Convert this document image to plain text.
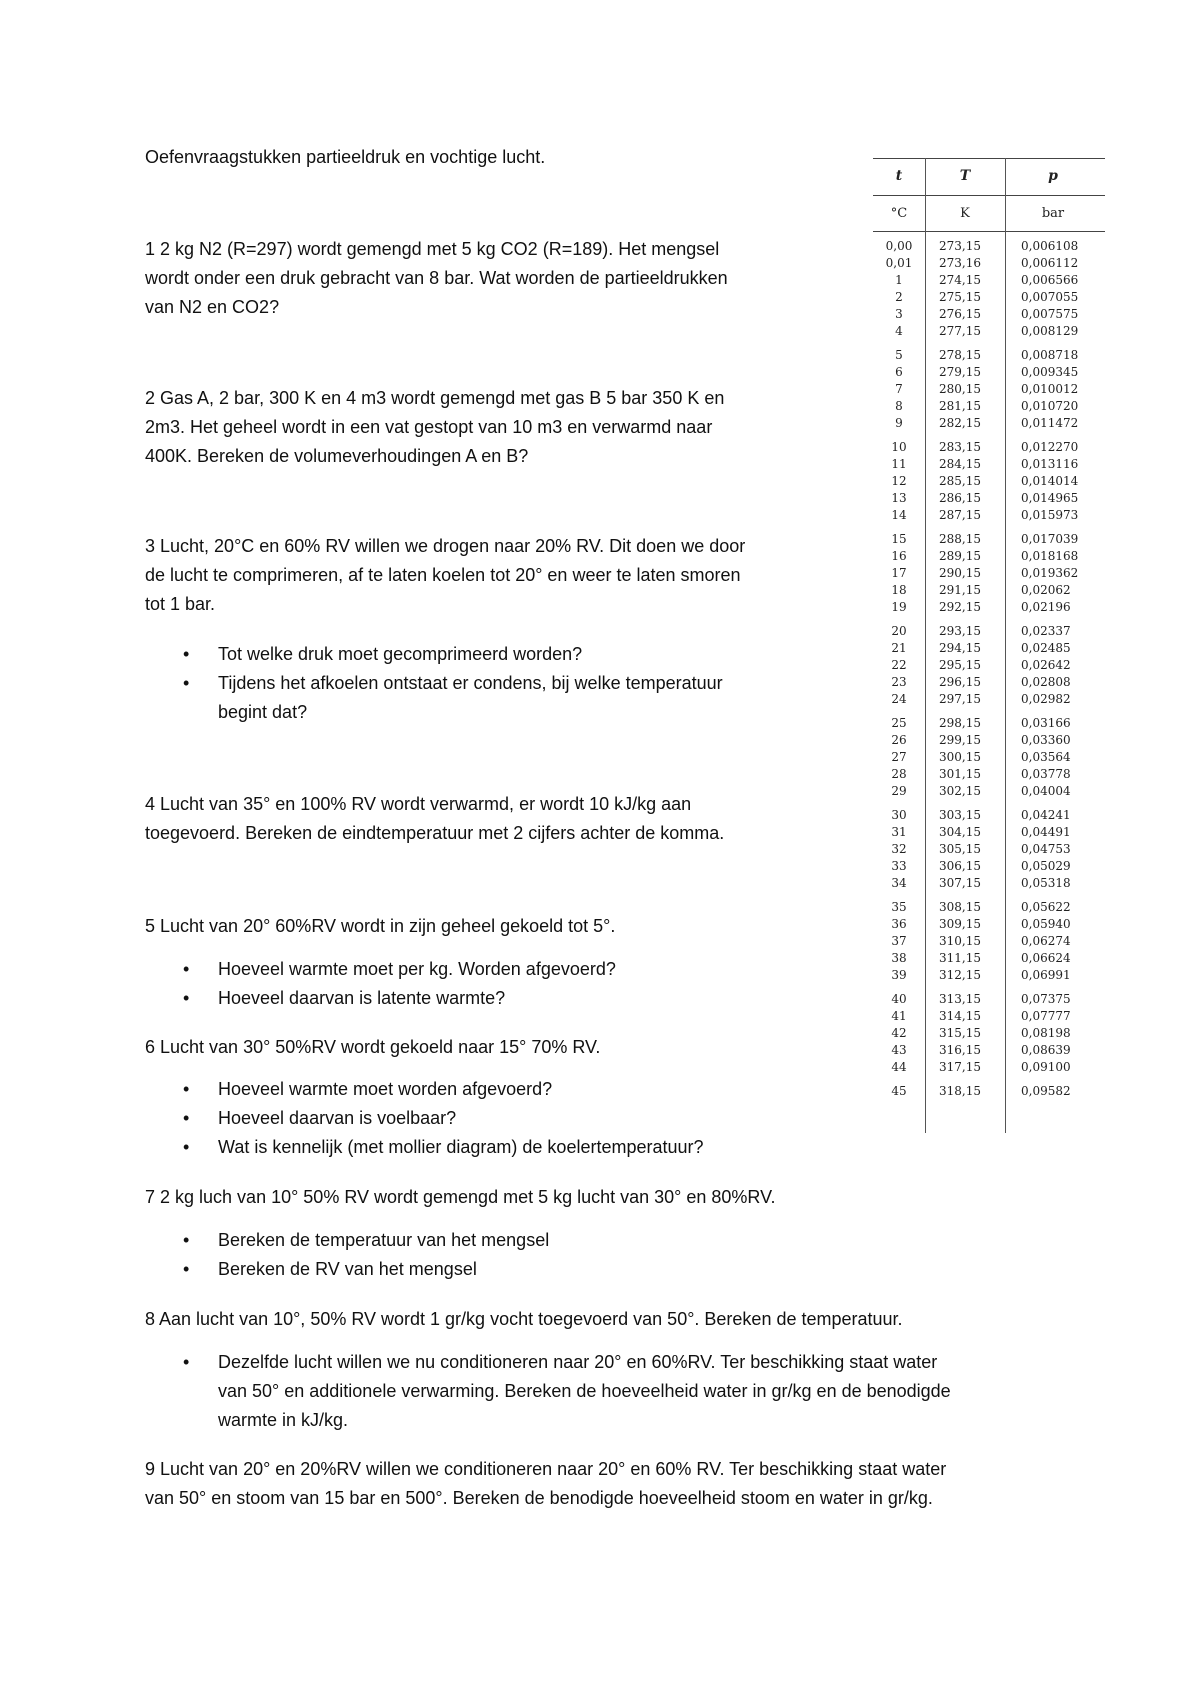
Oefenvraagstukken partieeldruk en vochtige lucht.

1 2 kg N2 (R=297) wordt gemengd met 5 kg CO2 (R=189). Het mengsel

wordt onder een druk gebracht van 8 bar. Wat worden de partieeldrukken

van N2 en CO2?

2 Gas A, 2 bar, 300 K en 4 m3 wordt gemengd met gas B 5 bar 350 K en

2m3. Het geheel wordt in een vat gestopt van 10 m3 en verwarmd naar

400K. Bereken de volumeverhoudingen A en B?

3 Lucht, 20°C en 60% RV willen we drogen naar 20% RV. Dit doen we door

de lucht te comprimeren, af te laten koelen tot 20° en weer te laten smoren

tot 1 bar.

• Tot welke druk moet gecomprimeerd worden?
• Tijdens het afkoelen ontstaat er condens, bij welke temperatuur

begint dat?

4 Lucht van 35° en 100% RV wordt verwarmd, er wordt 10 kJ/kg aan

toegevoerd. Bereken de eindtemperatuur met 2 cijfers achter de komma.

5 Lucht van 20° 60%RV wordt in zijn geheel gekoeld tot 5°.

• Hoeveel warmte moet per kg. Worden afgevoerd?
• Hoeveel daarvan is latente warmte?

6 Lucht van 30° 50%RV wordt gekoeld naar 15° 70% RV.

• Hoeveel warmte moet worden afgevoerd?
• Hoeveel daarvan is voelbaar?
• Wat is kennelijk (met mollier diagram) de koelertemperatuur?

7 2 kg luch van 10° 50% RV wordt gemengd met 5 kg lucht van 30° en 80%RV.

• Bereken de temperatuur van het mengsel
• Bereken de RV van het mengsel

8 Aan lucht van 10°, 50% RV wordt 1 gr/kg vocht toegevoerd van 50°. Bereken de temperatuur.

• Dezelfde lucht willen we nu conditioneren naar 20° en 60%RV. Ter beschikking staat water

van 50° en additionele verwarming. Bereken de hoeveelheid water in gr/kg en de benodigde

warmte in kJ/kg.

9 Lucht van 20° en 20%RV willen we conditioneren naar 20° en 60% RV. Ter beschikking staat water

van 50° en stoom van 15 bar en 500°. Bereken de benodigde hoeveelheid stoom en water in gr/kg.

t	T	p
°C	K	bar
0,00	273,15	0,006108
0,01	273,16	0,006112
1	274,15	0,006566
2	275,15	0,007055
3	276,15	0,007575
4	277,15	0,008129
5	278,15	0,008718
6	279,15	0,009345
7	280,15	0,010012
8	281,15	0,010720
9	282,15	0,011472
10	283,15	0,012270
11	284,15	0,013116
12	285,15	0,014014
13	286,15	0,014965
14	287,15	0,015973
15	288,15	0,017039
16	289,15	0,018168
17	290,15	0,019362
18	291,15	0,02062
19	292,15	0,02196
20	293,15	0,02337
21	294,15	0,02485
22	295,15	0,02642
23	296,15	0,02808
24	297,15	0,02982
25	298,15	0,03166
26	299,15	0,03360
27	300,15	0,03564
28	301,15	0,03778
29	302,15	0,04004
30	303,15	0,04241
31	304,15	0,04491
32	305,15	0,04753
33	306,15	0,05029
34	307,15	0,05318
35	308,15	0,05622
36	309,15	0,05940
37	310,15	0,06274
38	311,15	0,06624
39	312,15	0,06991
40	313,15	0,07375
41	314,15	0,07777
42	315,15	0,08198
43	316,15	0,08639
44	317,15	0,09100
45	318,15	0,09582
